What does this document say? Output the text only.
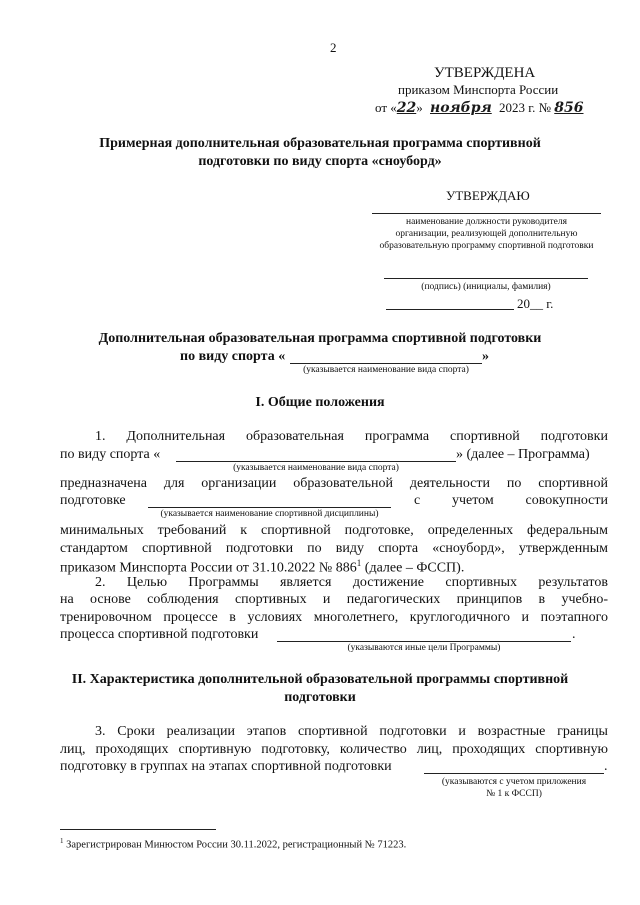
2
УТВЕРЖДЕНА
приказом Минспорта России
от «22» ноября 2023 г. № 856
Примерная дополнительная образовательная программа спортивной
подготовки по виду спорта «сноуборд»
УТВЕРЖДАЮ
наименование должности руководителя
организации, реализующей дополнительную
образовательную программу спортивной подготовки
(подпись) (инициалы, фамилия)
20__ г.
Дополнительная образовательная программа спортивной подготовки
по виду спорта «	»
(указывается наименование вида спорта)
I. Общие положения
1. Дополнительная образовательная программа спортивной подготовки
по виду спорта «	» (далее – Программа)
(указывается наименование вида спорта)
предназначена для организации образовательной деятельности по спортивной
подготовке	с учетом совокупности
(указывается наименование спортивной дисциплины)
минимальных требований к спортивной подготовке, определенных федеральным
стандартом спортивной подготовки по виду спорта «сноуборд», утвержденным
приказом Минспорта России от 31.10.2022 № $886^1$ (далее – ФССП).
2. Целью Программы является достижение спортивных результатов
на основе соблюдения спортивных и педагогических принципов в учебно-
тренировочном процессе в условиях многолетнего, круглогодичного и поэтапного
процесса спортивной подготовки	.
(указываются иные цели Программы)
II. Характеристика дополнительной образовательной программы спортивной
подготовки
3. Сроки реализации этапов спортивной подготовки и возрастные границы
лиц, проходящих спортивную подготовку, количество лиц, проходящих спортивную
подготовку в группах на этапах спортивной подготовки	.
(указываются с учетом приложения
№ 1 к ФССП)
$^1$ Зарегистрирован Минюстом России 30.11.2022, регистрационный № 71223.
